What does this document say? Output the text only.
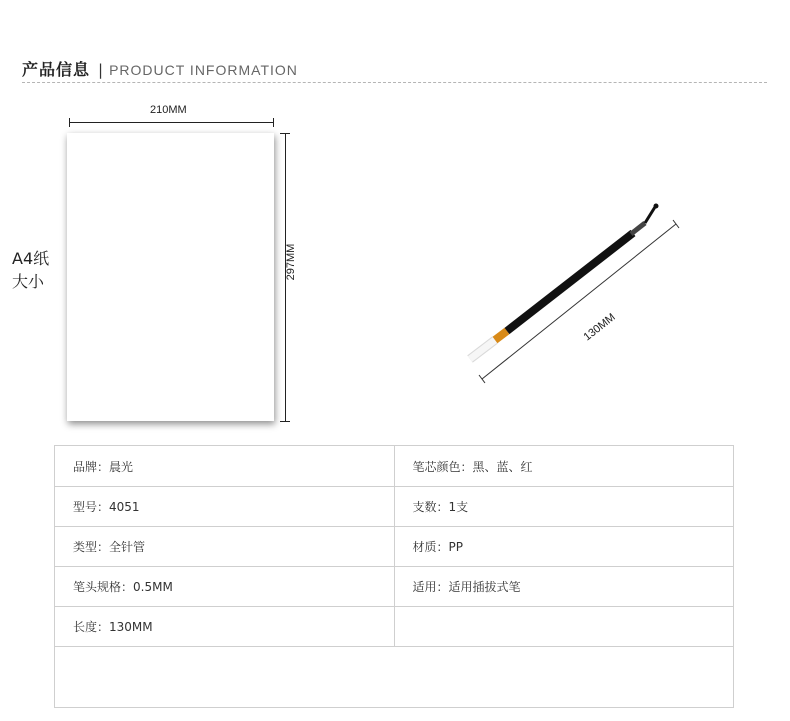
产品信息 | PRODUCT INFORMATION
210MM
297MM
A4纸
大小
130MM
品牌：晨光	笔芯颜色：黑、蓝、红
型号：4051	支数：1支
类型：全针管	材质：PP
笔头规格：0.5MM	适用：适用插拔式笔
长度：130MM	
